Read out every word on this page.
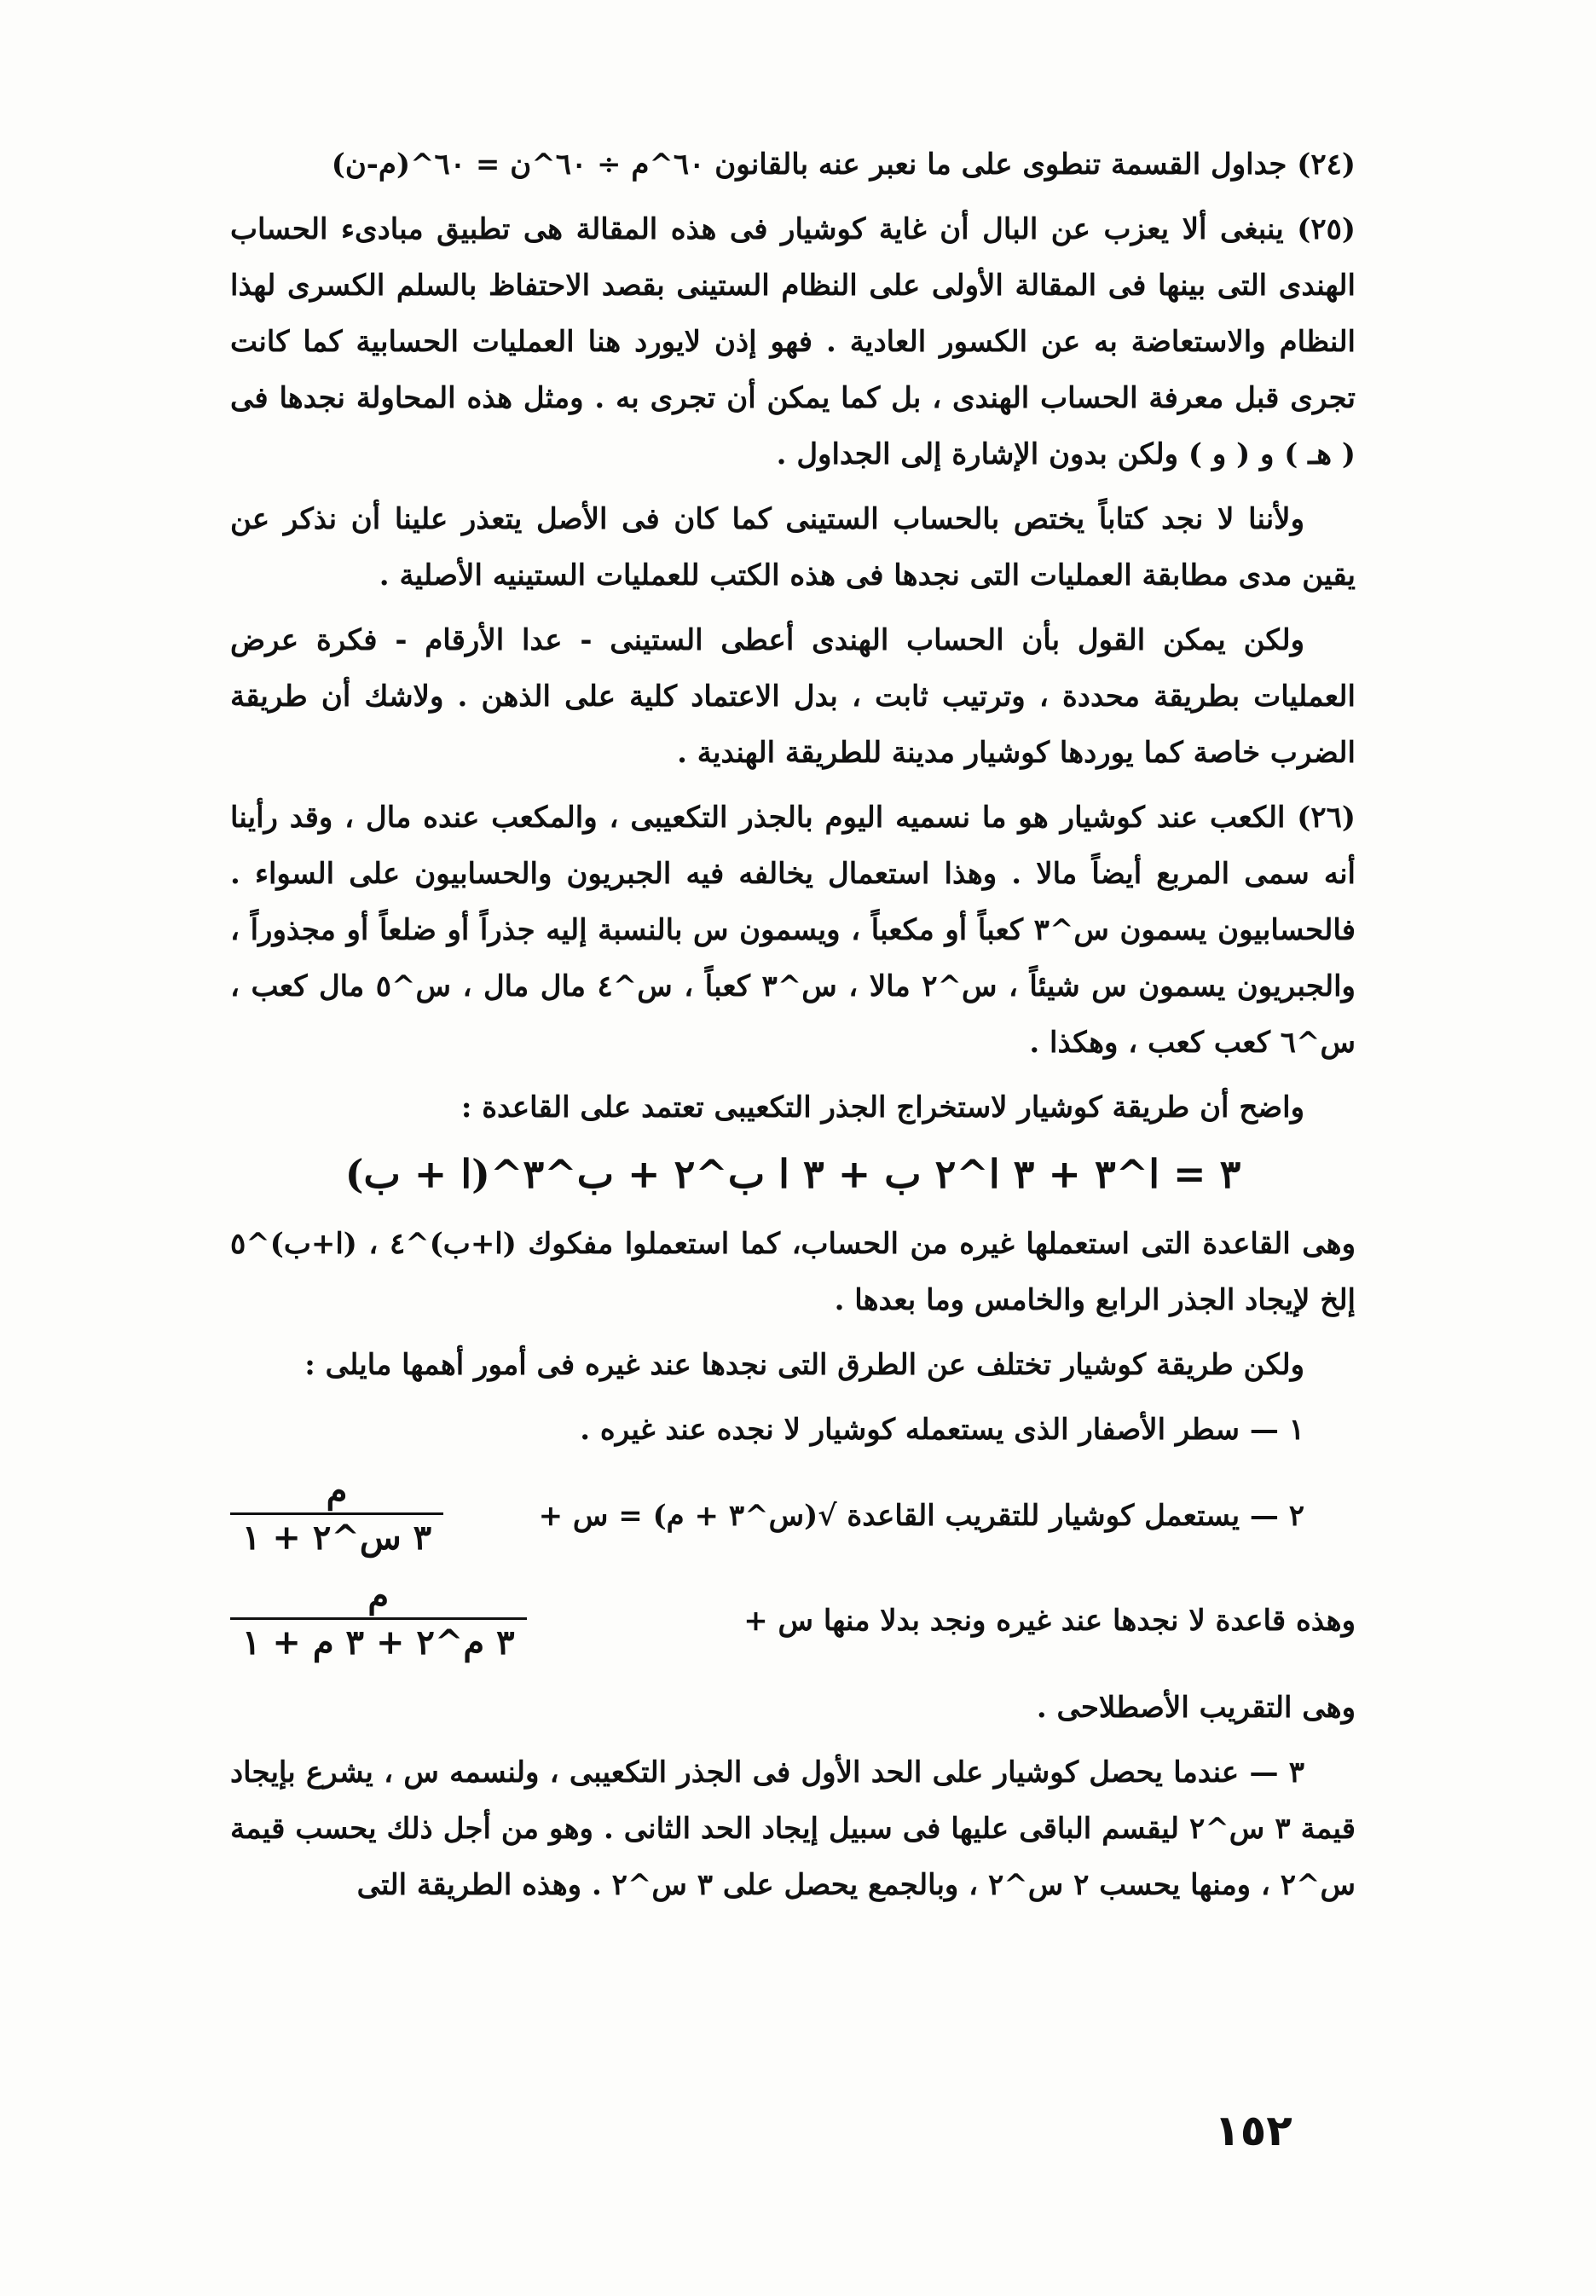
(٢٤) جداول القسمة تنطوى على ما نعبر عنه بالقانون ٦٠^م ÷ ٦٠^ن = ٦٠^(م-ن)

(٢٥) ينبغى ألا يعزب عن البال أن غاية كوشيار فى هذه المقالة هى تطبيق مبادىء الحساب الهندى التى بينها فى المقالة الأولى على النظام الستينى بقصد الاحتفاظ بالسلم الكسرى لهذا النظام والاستعاضة به عن الكسور العادية . فهو إذن لايورد هنا العمليات الحسابية كما كانت تجرى قبل معرفة الحساب الهندى ، بل كما يمكن أن تجرى به . ومثل هذه المحاولة نجدها فى ( هـ ) و ( و ) ولكن بدون الإشارة إلى الجداول .

ولأننا لا نجد كتاباً يختص بالحساب الستينى كما كان فى الأصل يتعذر علينا أن نذكر عن يقين مدى مطابقة العمليات التى نجدها فى هذه الكتب للعمليات الستينيه الأصلية .

ولكن يمكن القول بأن الحساب الهندى أعطى الستينى - عدا الأرقام - فكرة عرض العمليات بطريقة محددة ، وترتيب ثابت ، بدل الاعتماد كلية على الذهن . ولاشك أن طريقة الضرب خاصة كما يوردها كوشيار مدينة للطريقة الهندية .

(٢٦) الكعب عند كوشيار هو ما نسميه اليوم بالجذر التكعيبى ، والمكعب عنده مال ، وقد رأينا أنه سمى المربع أيضاً مالا . وهذا استعمال يخالفه فيه الجبريون والحسابيون على السواء . فالحسابيون يسمون س^٣ كعباً أو مكعباً ، ويسمون س بالنسبة إليه جذراً أو ضلعاً أو مجذوراً ، والجبريون يسمون س شيئاً ، س^٢ مالا ، س^٣ كعباً ، س^٤ مال مال ، س^٥ مال كعب ، س^٦ كعب كعب ، وهكذا .

واضح أن طريقة كوشيار لاستخراج الجذر التكعيبى تعتمد على القاعدة :

(ا + ب)^٣ = ا^٣ + ٣ ا^٢ ب + ٣ ا ب^٢ + ب^٣

وهى القاعدة التى استعملها غيره من الحساب، كما استعملوا مفكوك (ا+ب)^٤ ، (ا+ب)^٥ إلخ لإيجاد الجذر الرابع والخامس وما بعدها .

ولكن طريقة كوشيار تختلف عن الطرق التى نجدها عند غيره فى أمور أهمها مايلى :

١ — سطر الأصفار الذى يستعمله كوشيار لا نجده عند غيره .

٢ — يستعمل كوشيار للتقريب القاعدة √(س^٣ + م) = س +
$\frac{\text{م}}{\text{٣ س\textasciicircum{}٢ + ١}}$
وهذه قاعدة لا نجدها عند غيره ونجد بدلا منها س +
$\frac{\text{م}}{\text{٣ م\textasciicircum{}٢ + ٣ م + ١}}$

وهى التقريب الأصطلاحى .

٣ — عندما يحصل كوشيار على الحد الأول فى الجذر التكعيبى ، ولنسمه س ، يشرع بإيجاد قيمة ٣ س^٢ ليقسم الباقى عليها فى سبيل إيجاد الحد الثانى . وهو من أجل ذلك يحسب قيمة س^٢ ، ومنها يحسب ٢ س^٢ ، وبالجمع يحصل على ٣ س^٢ . وهذه الطريقة التى

١٥٢
